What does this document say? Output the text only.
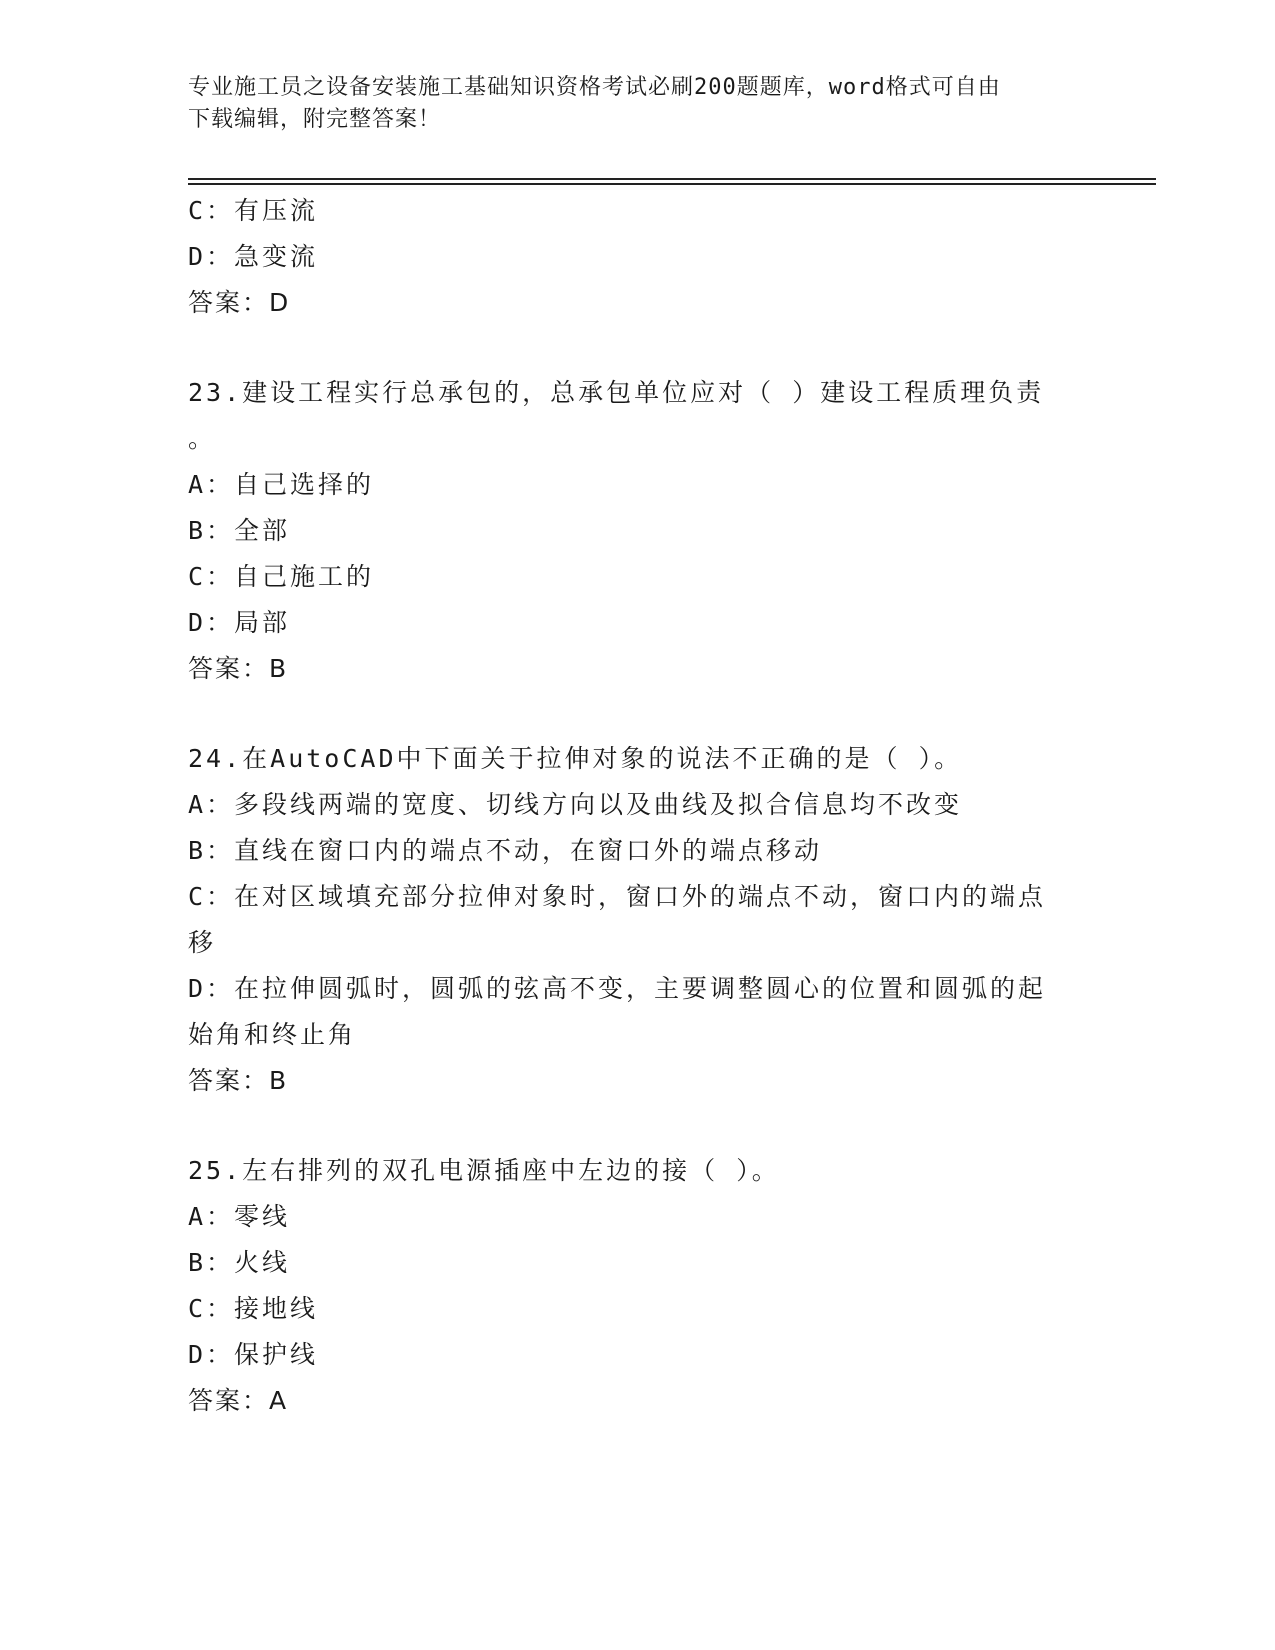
专业施工员之设备安装施工基础知识资格考试必刷200题题库，word格式可自由
下载编辑，附完整答案！
C：有压流
D：急变流
答案：D
23.建设工程实行总承包的，总承包单位应对（ ）建设工程质理负责
。
A：自己选择的
B：全部
C：自己施工的
D：局部
答案：B
24.在AutoCAD中下面关于拉伸对象的说法不正确的是（ ）。
A：多段线两端的宽度、切线方向以及曲线及拟合信息均不改变
B：直线在窗口内的端点不动，在窗口外的端点移动
C：在对区域填充部分拉伸对象时，窗口外的端点不动，窗口内的端点
移
D：在拉伸圆弧时，圆弧的弦高不变，主要调整圆心的位置和圆弧的起
始角和终止角
答案：B
25.左右排列的双孔电源插座中左边的接（ ）。
A：零线
B：火线
C：接地线
D：保护线
答案：A
